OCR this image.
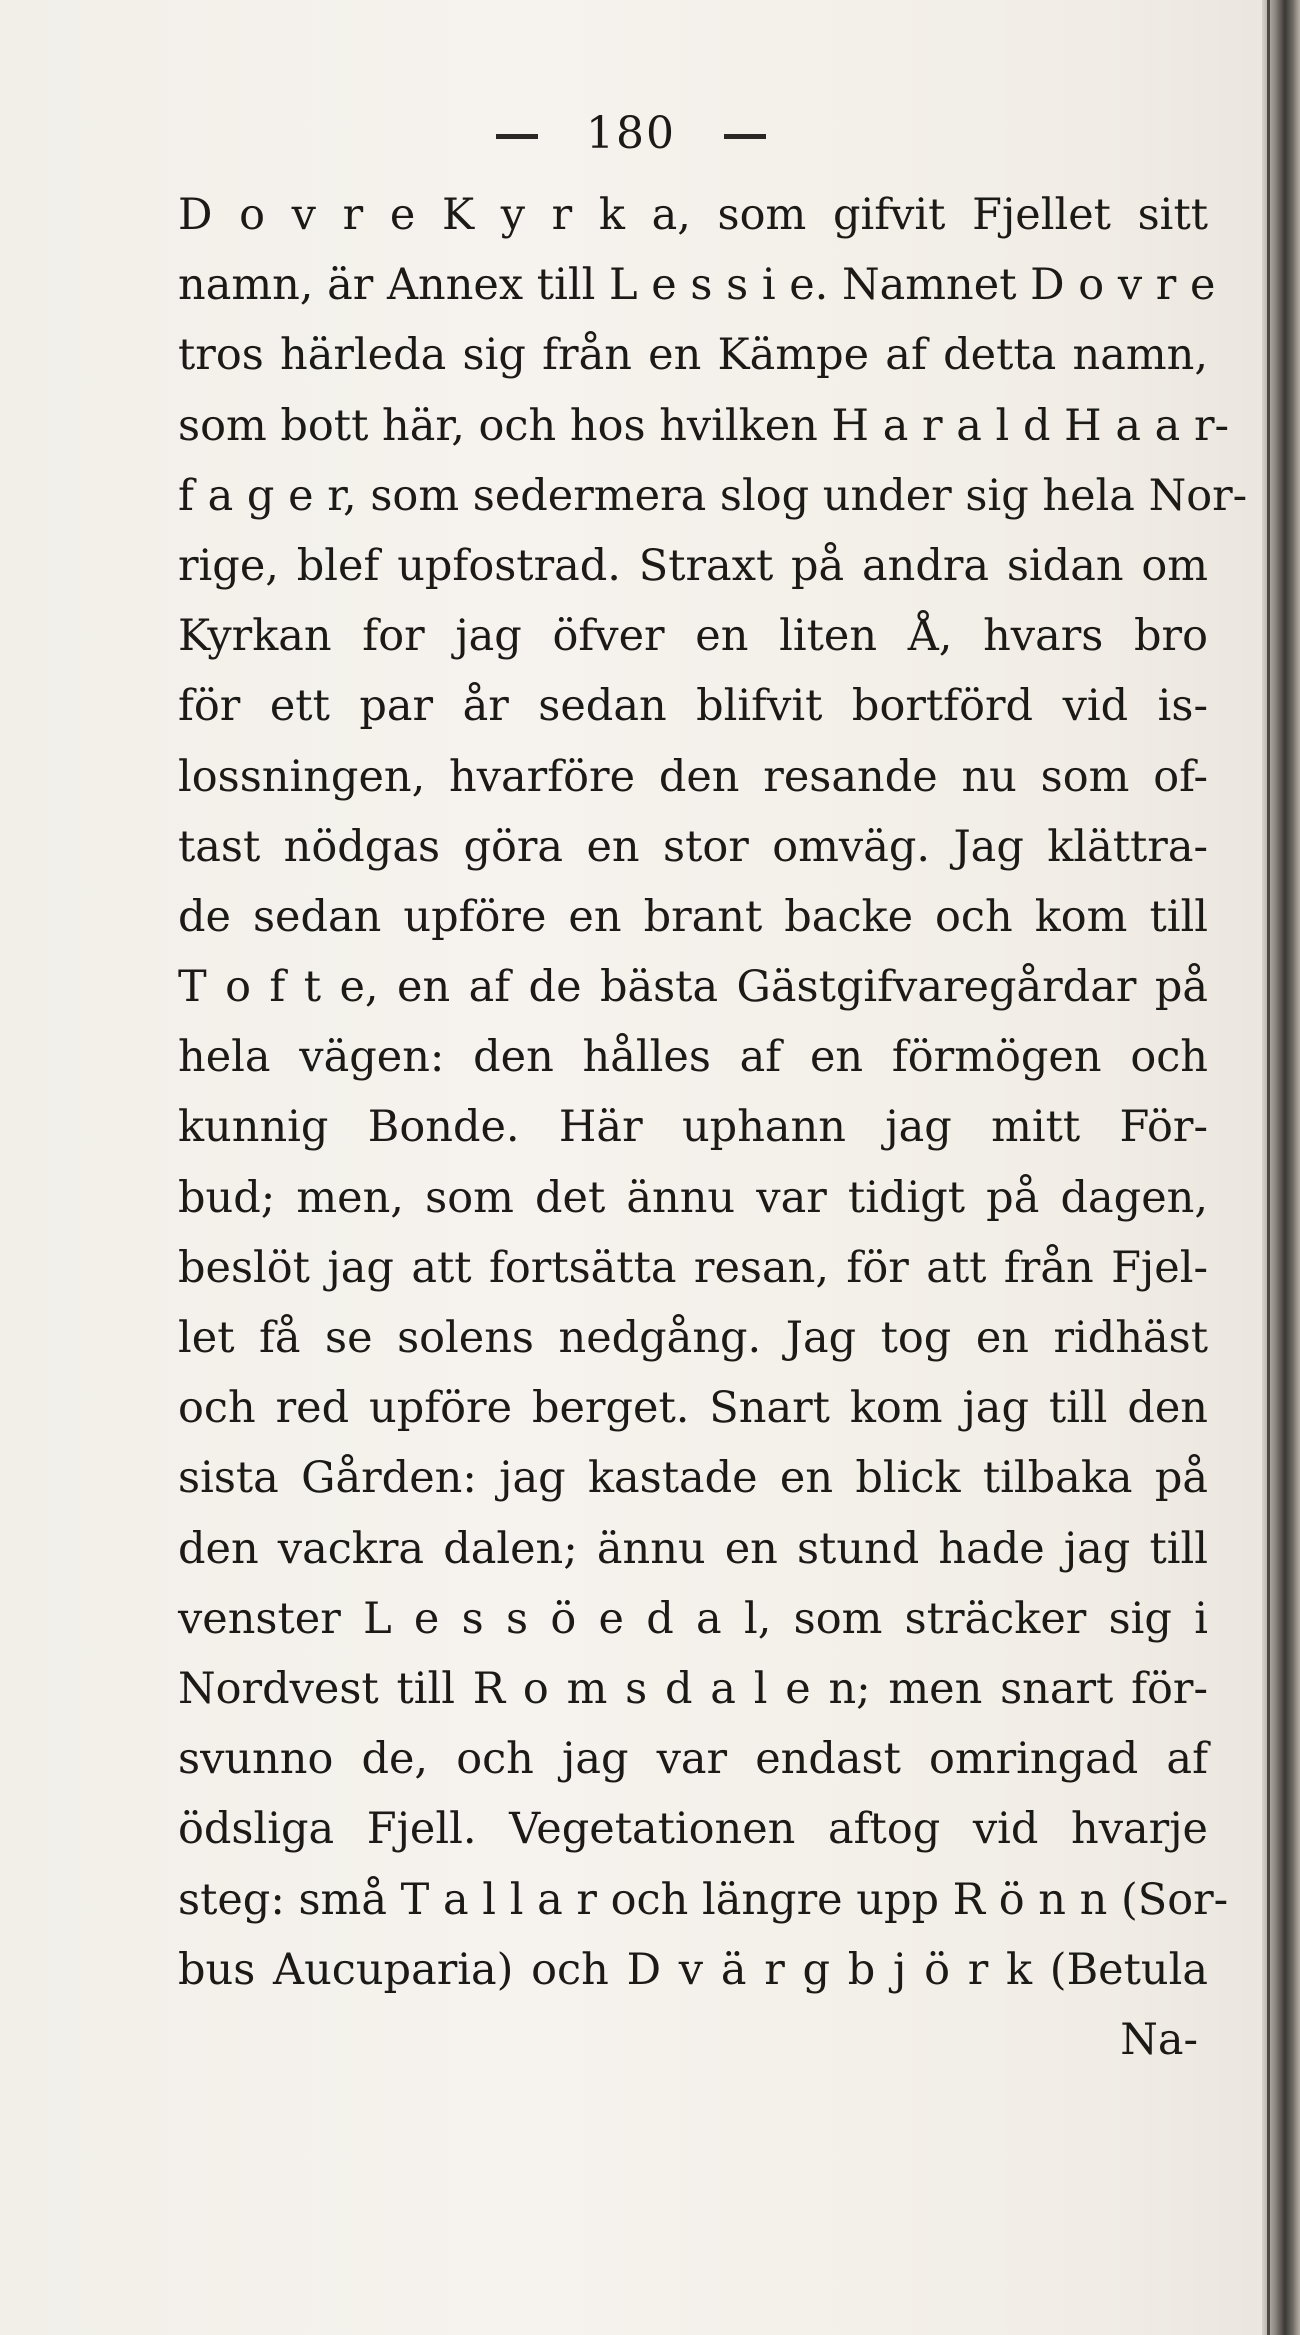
180
D o v r e K y r k a, som gifvit Fjellet sitt
namn, är Annex till L e s s i e. Namnet D o v r e
tros härleda sig från en Kämpe af detta namn,
som bott här, och hos hvilken H a r a l d H a a r-
f a g e r, som sedermera slog under sig hela Nor-
rige, blef upfostrad. Straxt på andra sidan om
Kyrkan for jag öfver en liten Å, hvars bro
för ett par år sedan blifvit bortförd vid is-
lossningen, hvarföre den resande nu som of-
tast nödgas göra en stor omväg. Jag klättra-
de sedan upföre en brant backe och kom till
T o f t e, en af de bästa Gästgifvaregårdar på
hela vägen: den hålles af en förmögen och
kunnig Bonde. Här uphann jag mitt För-
bud; men, som det ännu var tidigt på dagen,
beslöt jag att fortsätta resan, för att från Fjel-
let få se solens nedgång. Jag tog en ridhäst
och red upföre berget. Snart kom jag till den
sista Gården: jag kastade en blick tilbaka på
den vackra dalen; ännu en stund hade jag till
venster L e s s ö e d a l, som sträcker sig i
Nordvest till R o m s d a l e n; men snart för-
svunno de, och jag var endast omringad af
ödsliga Fjell. Vegetationen aftog vid hvarje
steg: små T a l l a r och längre upp R ö n n (Sor-
bus Aucuparia) och D v ä r g b j ö r k (Betula
Na-
